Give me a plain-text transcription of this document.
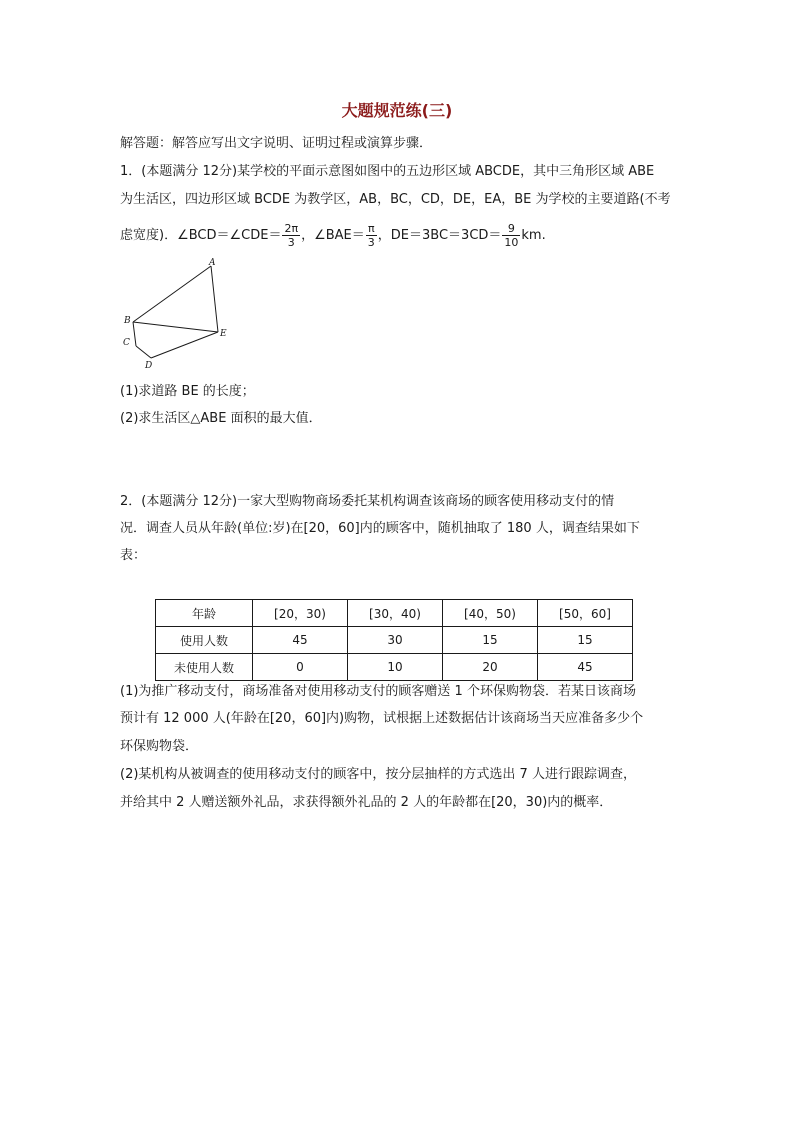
大题规范练(三)
解答题：解答应写出文字说明、证明过程或演算步骤．
1．(本题满分 12分)某学校的平面示意图如图中的五边形区域 ABCDE，其中三角形区域 ABE
为生活区，四边形区域 BCDE 为教学区，AB，BC，CD，DE，EA，BE 为学校的主要道路(不考
虑宽度)．∠BCD＝∠CDE＝ $\frac{2\pi}{3}$ ，∠BAE＝ $\frac{\pi}{3}$ ，$DE=3BC=3CD= \frac{9}{10}$ km.
A
B
C
D
E
(1)求道路 BE 的长度；
(2)求生活区△ABE 面积的最大值．
2．(本题满分 12分)一家大型购物商场委托某机构调查该商场的顾客使用移动支付的情
况．调查人员从年龄(单位:岁)在[20，60]内的顾客中，随机抽取了 180 人，调查结果如下
表：
年龄	[20，30)	[30，40)	[40，50)	[50，60]
使用人数	45	30	15	15
未使用人数	0	10	20	45
(1)为推广移动支付，商场准备对使用移动支付的顾客赠送 1 个环保购物袋．若某日该商场
预计有 12 000 人(年龄在[20，60]内)购物，试根据上述数据估计该商场当天应准备多少个
环保购物袋．
(2)某机构从被调查的使用移动支付的顾客中，按分层抽样的方式选出 7 人进行跟踪调查，
并给其中 2 人赠送额外礼品，求获得额外礼品的 2 人的年龄都在[20，30)内的概率．
